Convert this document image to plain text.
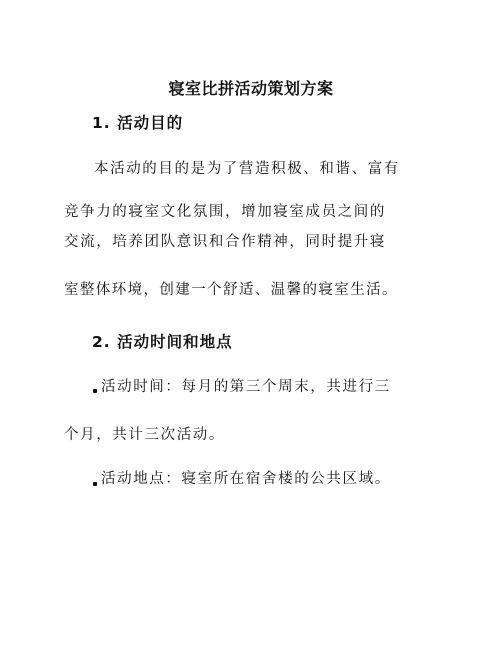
寝室比拼活动策划方案
1. 活动目的
本活动的目的是为了营造积极、和谐、富有
竞争力的寝室文化氛围，增加寝室成员之间的
交流，培养团队意识和合作精神，同时提升寝
室整体环境，创建一个舒适、温馨的寝室生活。
2. 活动时间和地点
活动时间：每月的第三个周末，共进行三
个月，共计三次活动。
活动地点：寝室所在宿舍楼的公共区域。
